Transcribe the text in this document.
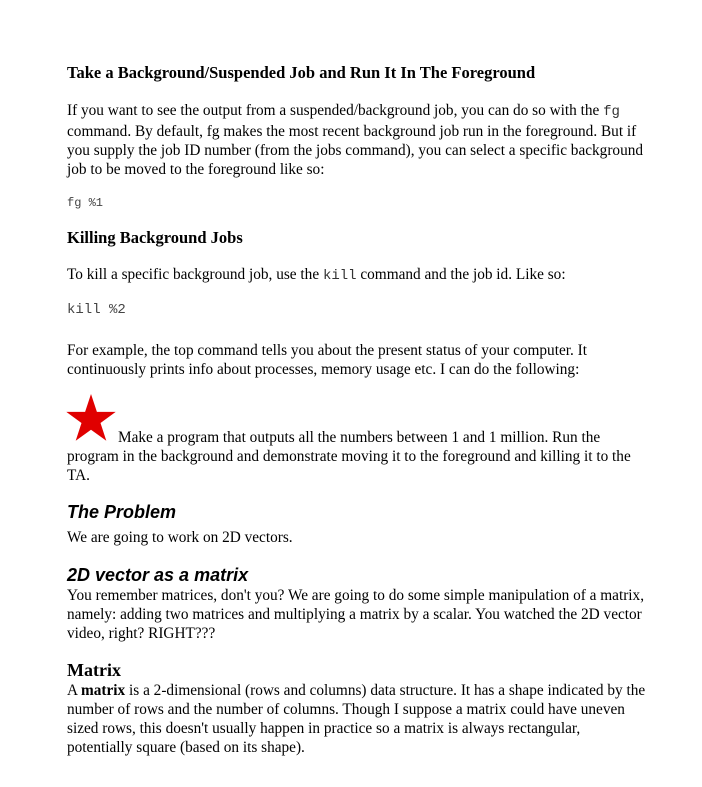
Take a Background/Suspended Job and Run It In The Foreground
If you want to see the output from a suspended/background job, you can do so with the fg command. By default, fg makes the most recent background job run in the foreground. But if you supply the job ID number (from the jobs command), you can select a specific background job to be moved to the foreground like so:
fg %1
Killing Background Jobs
To kill a specific background job, use the kill command and the job id. Like so:
kill %2
For example, the top command tells you about the present status of your computer. It continuously prints info about processes, memory usage etc. I can do the following:
Make a program that outputs all the numbers between 1 and 1 million. Run the program in the background and demonstrate moving it to the foreground and killing it to the TA.
The Problem
We are going to work on 2D vectors.
2D vector as a matrix
You remember matrices, don't you? We are going to do some simple manipulation of a matrix, namely: adding two matrices and multiplying a matrix by a scalar. You watched the 2D vector video, right? RIGHT???
Matrix
A matrix is a 2-dimensional (rows and columns) data structure. It has a shape indicated by the number of rows and the number of columns. Though I suppose a matrix could have uneven sized rows, this doesn't usually happen in practice so a matrix is always rectangular, potentially square (based on its shape).
